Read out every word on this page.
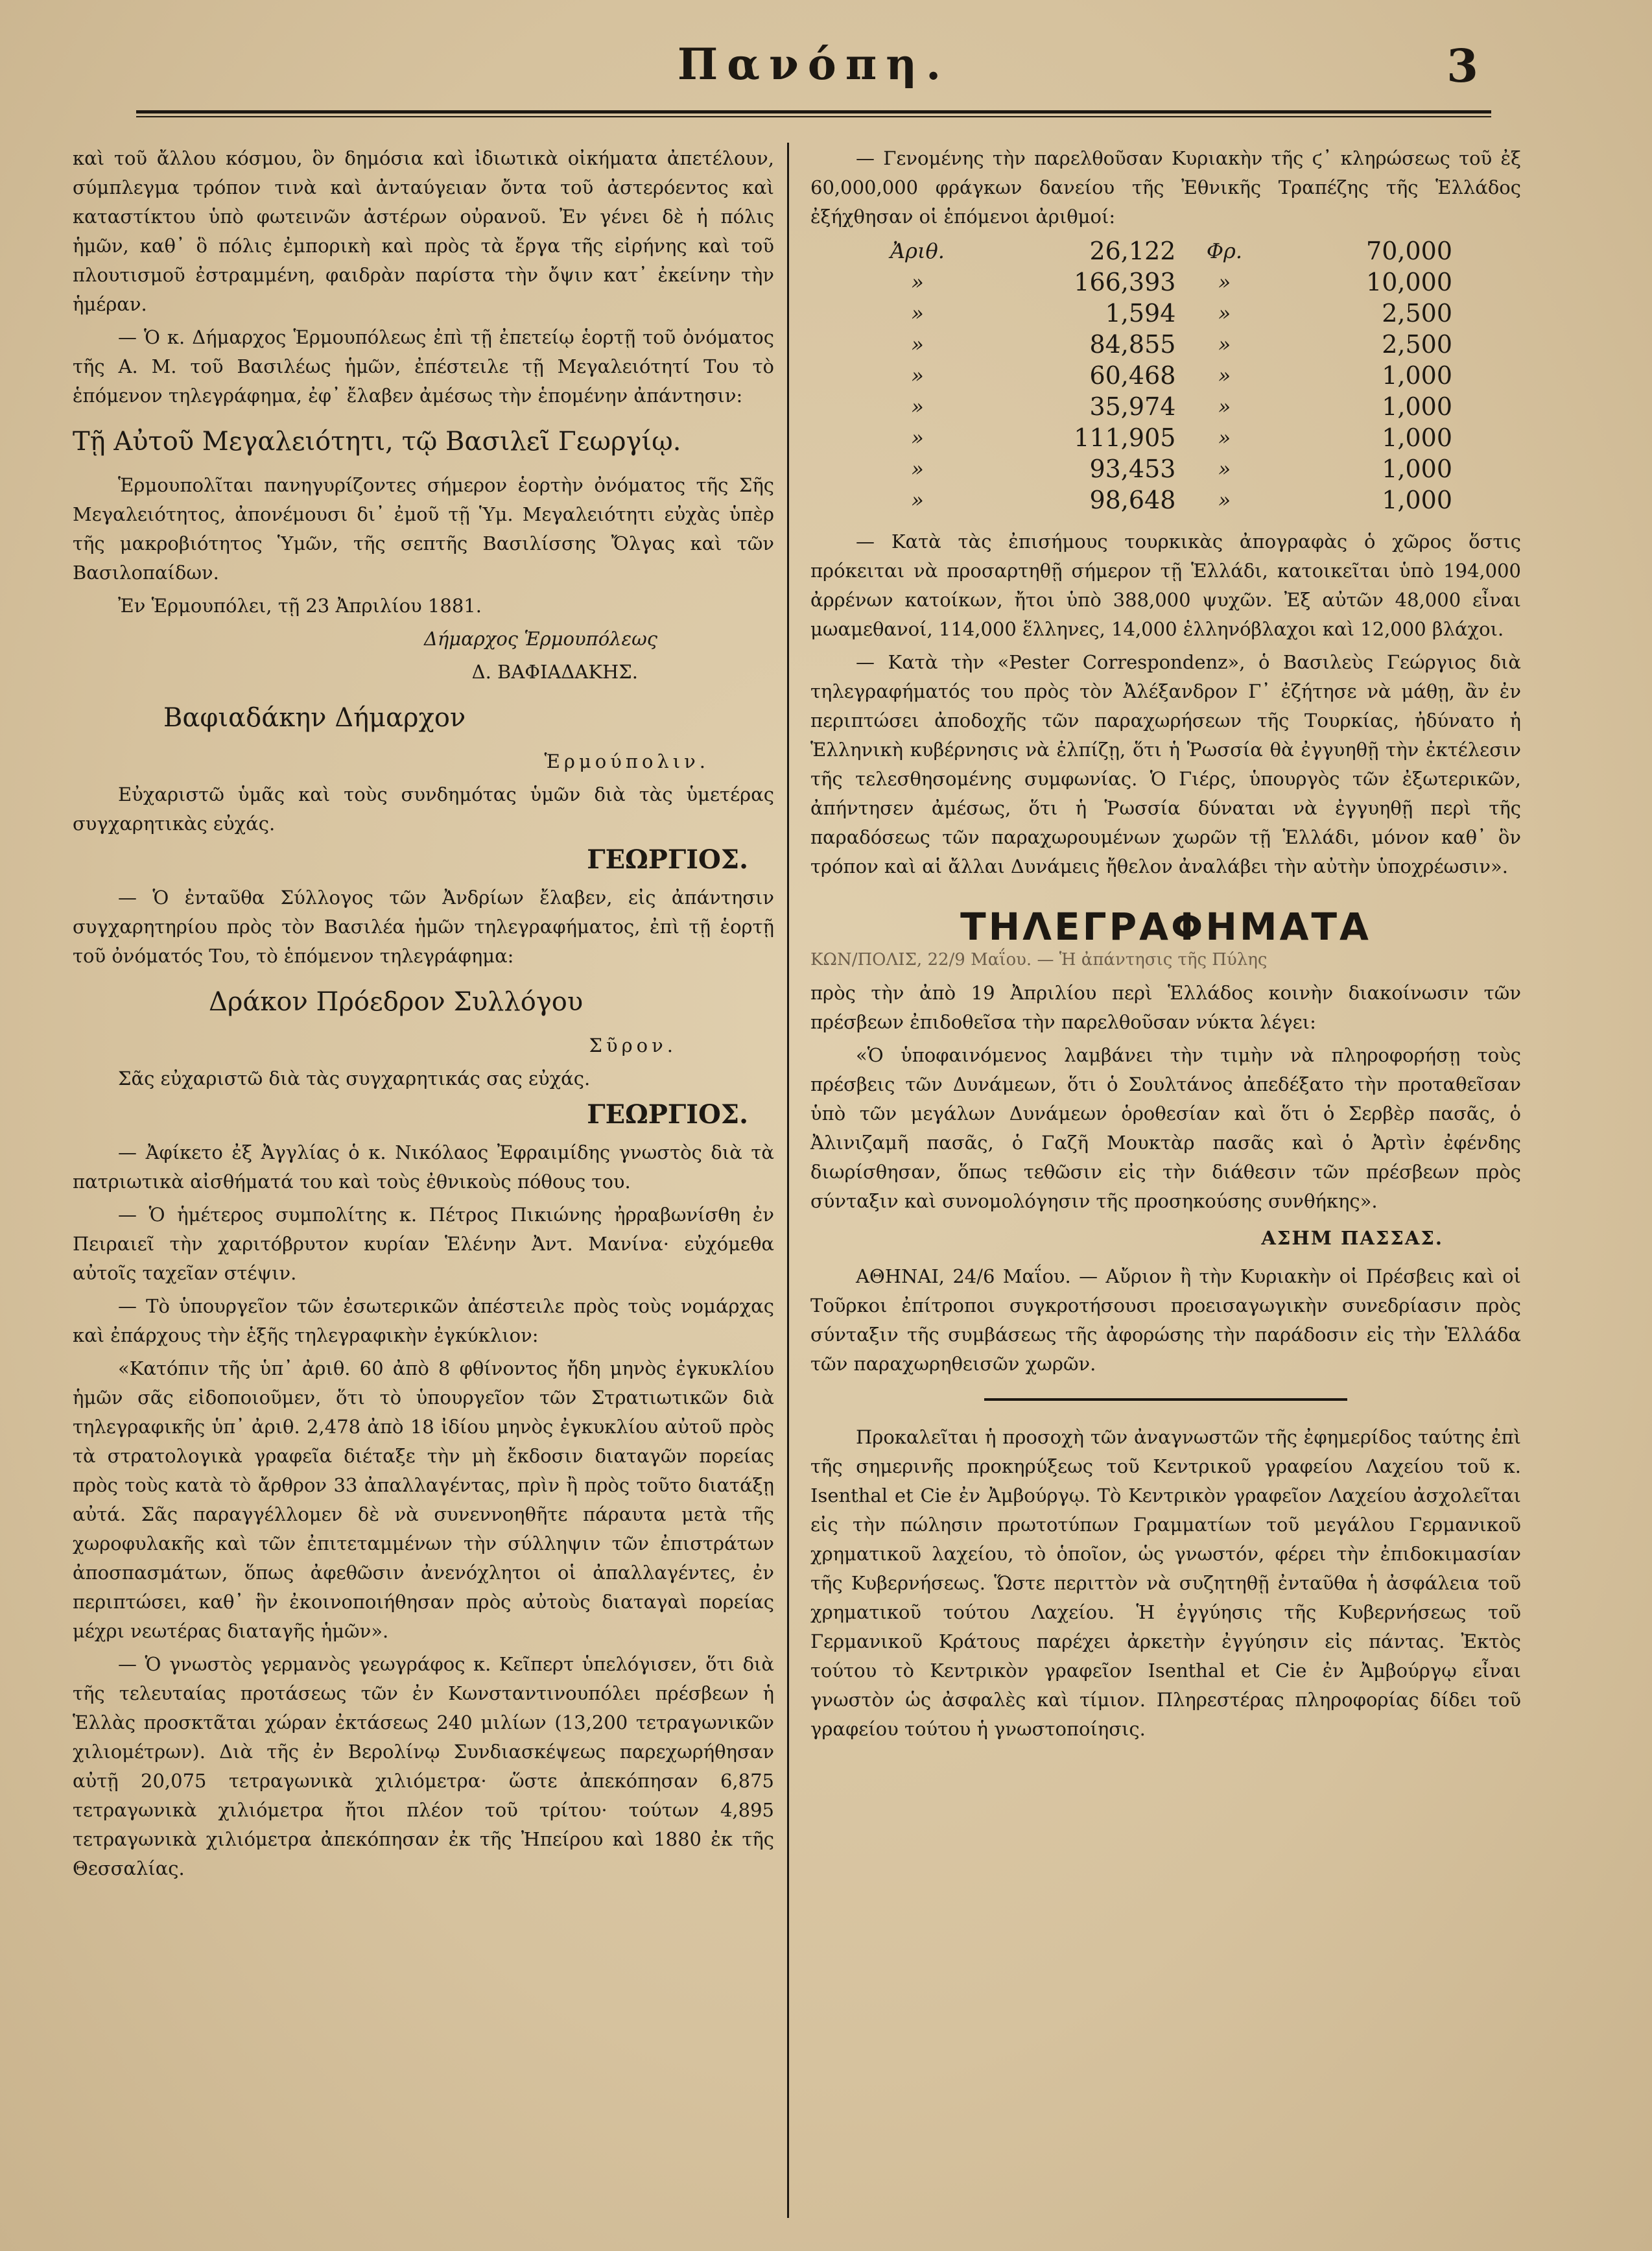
Πανόπη.	3

καὶ τοῦ ἄλλου κόσμου, ὃν δημόσια καὶ ἰδιωτικὰ οἰκήματα ἀπετέλουν, σύμπλεγμα τρόπον τινὰ καὶ ἀνταύγειαν ὄντα τοῦ ἀστερόεντος καὶ καταστίκτου ὑπὸ φωτεινῶν ἀστέρων οὐρανοῦ. Ἐν γένει δὲ ἡ πόλις ἡμῶν, καθ᾽ ὃ πόλις ἐμπορικὴ καὶ πρὸς τὰ ἔργα τῆς εἰρήνης καὶ τοῦ πλουτισμοῦ ἐστραμμένη, φαιδρὰν παρίστα τὴν ὄψιν κατ᾽ ἐκείνην τὴν ἡμέραν.

— Ὁ κ. Δήμαρχος Ἑρμουπόλεως ἐπὶ τῇ ἐπετείῳ ἑορτῇ τοῦ ὀνόματος τῆς Α. Μ. τοῦ Βασιλέως ἡμῶν, ἐπέστειλε τῇ Μεγαλειότητί Του τὸ ἑπόμενον τηλεγράφημα, ἐφ᾽ ἔλαβεν ἀμέσως τὴν ἑπομένην ἀπάντησιν:

Τῇ Αὐτοῦ Μεγαλειότητι, τῷ Βασιλεῖ Γεωργίῳ.

Ἑρμουπολῖται πανηγυρίζοντες σήμερον ἑορτὴν ὀνόματος τῆς Σῆς Μεγαλειότητος, ἀπονέμουσι δι᾽ ἐμοῦ τῇ Ὑμ. Μεγαλειότητι εὐχὰς ὑπὲρ τῆς μακροβιότητος Ὑμῶν, τῆς σεπτῆς Βασιλίσσης Ὄλγας καὶ τῶν Βασιλοπαίδων.

Ἐν Ἑρμουπόλει, τῇ 23 Ἀπριλίου 1881.

Δήμαρχος Ἑρμουπόλεως

Δ. ΒΑΦΙΑΔΑΚΗΣ.

Βαφιαδάκην Δήμαρχον

Ἑρμούπολιν.

Εὐχαριστῶ ὑμᾶς καὶ τοὺς συνδημότας ὑμῶν διὰ τὰς ὑμετέρας συγχαρητικὰς εὐχάς.

ΓΕΩΡΓΙΟΣ.

— Ὁ ἐνταῦθα Σύλλογος τῶν Ἀνδρίων ἔλαβεν, εἰς ἀπάντησιν συγχαρητηρίου πρὸς τὸν Βασιλέα ἡμῶν τηλεγραφήματος, ἐπὶ τῇ ἑορτῇ τοῦ ὀνόματός Του, τὸ ἑπόμενον τηλεγράφημα:

Δράκον Πρόεδρον Συλλόγου

Σῦρον.

Σᾶς εὐχαριστῶ διὰ τὰς συγχαρητικάς σας εὐχάς.

ΓΕΩΡΓΙΟΣ.

— Ἀφίκετο ἐξ Ἀγγλίας ὁ κ. Νικόλαος Ἐφραιμίδης γνωστὸς διὰ τὰ πατριωτικὰ αἰσθήματά του καὶ τοὺς ἐθνικοὺς πόθους του.

— Ὁ ἡμέτερος συμπολίτης κ. Πέτρος Πικιώνης ἠρραβωνίσθη ἐν Πειραιεῖ τὴν χαριτόβρυτον κυρίαν Ἑλένην Ἀντ. Μανίνα· εὐχόμεθα αὐτοῖς ταχεῖαν στέψιν.

— Τὸ ὑπουργεῖον τῶν ἐσωτερικῶν ἀπέστειλε πρὸς τοὺς νομάρχας καὶ ἐπάρχους τὴν ἑξῆς τηλεγραφικὴν ἐγκύκλιον:

«Κατόπιν τῆς ὑπ᾽ ἀριθ. 60 ἀπὸ 8 φθίνοντος ἤδη μηνὸς ἐγκυκλίου ἡμῶν σᾶς εἰδοποιοῦμεν, ὅτι τὸ ὑπουργεῖον τῶν Στρατιωτικῶν διὰ τηλεγραφικῆς ὑπ᾽ ἀριθ. 2,478 ἀπὸ 18 ἰδίου μηνὸς ἐγκυκλίου αὐτοῦ πρὸς τὰ στρατολογικὰ γραφεῖα διέταξε τὴν μὴ ἔκδοσιν διαταγῶν πορείας πρὸς τοὺς κατὰ τὸ ἄρθρον 33 ἀπαλλαγέντας, πρὶν ἢ πρὸς τοῦτο διατάξῃ αὐτά. Σᾶς παραγγέλλομεν δὲ νὰ συνεννοηθῆτε πάραυτα μετὰ τῆς χωροφυλακῆς καὶ τῶν ἐπιτεταμμένων τὴν σύλληψιν τῶν ἐπιστράτων ἀποσπασμάτων, ὅπως ἀφεθῶσιν ἀνενόχλητοι οἱ ἀπαλλαγέντες, ἐν περιπτώσει, καθ᾽ ἣν ἐκοινοποιήθησαν πρὸς αὐτοὺς διαταγαὶ πορείας μέχρι νεωτέρας διαταγῆς ἡμῶν».

— Ὁ γνωστὸς γερμανὸς γεωγράφος κ. Κεῖπερτ ὑπελόγισεν, ὅτι διὰ τῆς τελευταίας προτάσεως τῶν ἐν Κωνσταντινουπόλει πρέσβεων ἡ Ἑλλὰς προσκτᾶται χώραν ἐκτάσεως 240 μιλίων (13,200 τετραγωνικῶν χιλιομέτρων). Διὰ τῆς ἐν Βερολίνῳ Συνδιασκέψεως παρεχωρήθησαν αὐτῇ 20,075 τετραγωνικὰ χιλιόμετρα· ὥστε ἀπεκόπησαν 6,875 τετραγωνικὰ χιλιόμετρα ἤτοι πλέον τοῦ τρίτου· τούτων 4,895 τετραγωνικὰ χιλιόμετρα ἀπεκόπησαν ἐκ τῆς Ἠπείρου καὶ 1880 ἐκ τῆς Θεσσαλίας.

— Γενομένης τὴν παρελθοῦσαν Κυριακὴν τῆς ϛ᾽ κληρώσεως τοῦ ἐξ 60,000,000 φράγκων δανείου τῆς Ἐθνικῆς Τραπέζης τῆς Ἑλλάδος ἐξήχθησαν οἱ ἑπόμενοι ἀριθμοί:

Ἀριθ.	26,122	Φρ.	70,000
»	166,393	»	10,000
»	1,594	»	2,500
»	84,855	»	2,500
»	60,468	»	1,000
»	35,974	»	1,000
»	111,905	»	1,000
»	93,453	»	1,000
»	98,648	»	1,000

— Κατὰ τὰς ἐπισήμους τουρκικὰς ἀπογραφὰς ὁ χῶρος ὅστις πρόκειται νὰ προσαρτηθῇ σήμερον τῇ Ἑλλάδι, κατοικεῖται ὑπὸ 194,000 ἀρρένων κατοίκων, ἤτοι ὑπὸ 388,000 ψυχῶν. Ἐξ αὐτῶν 48,000 εἶναι μωαμεθανοί, 114,000 ἕλληνες, 14,000 ἑλληνόβλαχοι καὶ 12,000 βλάχοι.

— Κατὰ τὴν «Pester Correspondenz», ὁ Βασιλεὺς Γεώργιος διὰ τηλεγραφήματός του πρὸς τὸν Ἀλέξανδρον Γ᾽ ἐζήτησε νὰ μάθῃ, ἂν ἐν περιπτώσει ἀποδοχῆς τῶν παραχωρήσεων τῆς Τουρκίας, ἠδύνατο ἡ Ἑλληνικὴ κυβέρνησις νὰ ἐλπίζῃ, ὅτι ἡ Ῥωσσία θὰ ἐγγυηθῇ τὴν ἐκτέλεσιν τῆς τελεσθησομένης συμφωνίας. Ὁ Γιέρς, ὑπουργὸς τῶν ἐξωτερικῶν, ἀπήντησεν ἀμέσως, ὅτι ἡ Ῥωσσία δύναται νὰ ἐγγυηθῇ περὶ τῆς παραδόσεως τῶν παραχωρουμένων χωρῶν τῇ Ἑλλάδι, μόνον καθ᾽ ὃν τρόπον καὶ αἱ ἄλλαι Δυνάμεις ἤθελον ἀναλάβει τὴν αὐτὴν ὑποχρέωσιν».

ΤΗΛΕΓΡΑΦΗΜΑΤΑ

ΚΩΝ/ΠΟΛΙΣ, 22/9 Μαΐου. — Ἡ ἀπάντησις τῆς Πύλης

πρὸς τὴν ἀπὸ 19 Ἀπριλίου περὶ Ἑλλάδος κοινὴν διακοίνωσιν τῶν πρέσβεων ἐπιδοθεῖσα τὴν παρελθοῦσαν νύκτα λέγει:

«Ὁ ὑποφαινόμενος λαμβάνει τὴν τιμὴν νὰ πληροφορήσῃ τοὺς πρέσβεις τῶν Δυνάμεων, ὅτι ὁ Σουλτάνος ἀπεδέξατο τὴν προταθεῖσαν ὑπὸ τῶν μεγάλων Δυνάμεων ὁροθεσίαν καὶ ὅτι ὁ Σερβὲρ πασᾶς, ὁ Ἀλινιζαμῆ πασᾶς, ὁ Γαζῆ Μουκτὰρ πασᾶς καὶ ὁ Ἀρτὶν ἐφένδης διωρίσθησαν, ὅπως τεθῶσιν εἰς τὴν διάθεσιν τῶν πρέσβεων πρὸς σύνταξιν καὶ συνομολόγησιν τῆς προσηκούσης συνθήκης».

ΑΣΗΜ ΠΑΣΣΑΣ.

ΑΘΗΝΑΙ, 24/6 Μαΐου. — Αὔριον ἢ τὴν Κυριακὴν οἱ Πρέσβεις καὶ οἱ Τοῦρκοι ἐπίτροποι συγκροτήσουσι προεισαγωγικὴν συνεδρίασιν πρὸς σύνταξιν τῆς συμβάσεως τῆς ἀφορώσης τὴν παράδοσιν εἰς τὴν Ἑλλάδα τῶν παραχωρηθεισῶν χωρῶν.

Προκαλεῖται ἡ προσοχὴ τῶν ἀναγνωστῶν τῆς ἐφημερίδος ταύτης ἐπὶ τῆς σημερινῆς προκηρύξεως τοῦ Κεντρικοῦ γραφείου Λαχείου τοῦ κ. Isenthal et Cie ἐν Ἀμβούργῳ. Τὸ Κεντρικὸν γραφεῖον Λαχείου ἀσχολεῖται εἰς τὴν πώλησιν πρωτοτύπων Γραμματίων τοῦ μεγάλου Γερμανικοῦ χρηματικοῦ λαχείου, τὸ ὁποῖον, ὡς γνωστόν, φέρει τὴν ἐπιδοκιμασίαν τῆς Κυβερνήσεως. Ὥστε περιττὸν νὰ συζητηθῇ ἐνταῦθα ἡ ἀσφάλεια τοῦ χρηματικοῦ τούτου Λαχείου. Ἡ ἐγγύησις τῆς Κυβερνήσεως τοῦ Γερμανικοῦ Κράτους παρέχει ἀρκετὴν ἐγγύησιν εἰς πάντας. Ἐκτὸς τούτου τὸ Κεντρικὸν γραφεῖον Isenthal et Cie ἐν Ἀμβούργῳ εἶναι γνωστὸν ὡς ἀσφαλὲς καὶ τίμιον. Πληρεστέρας πληροφορίας δίδει τοῦ γραφείου τούτου ἡ γνωστοποίησις.
